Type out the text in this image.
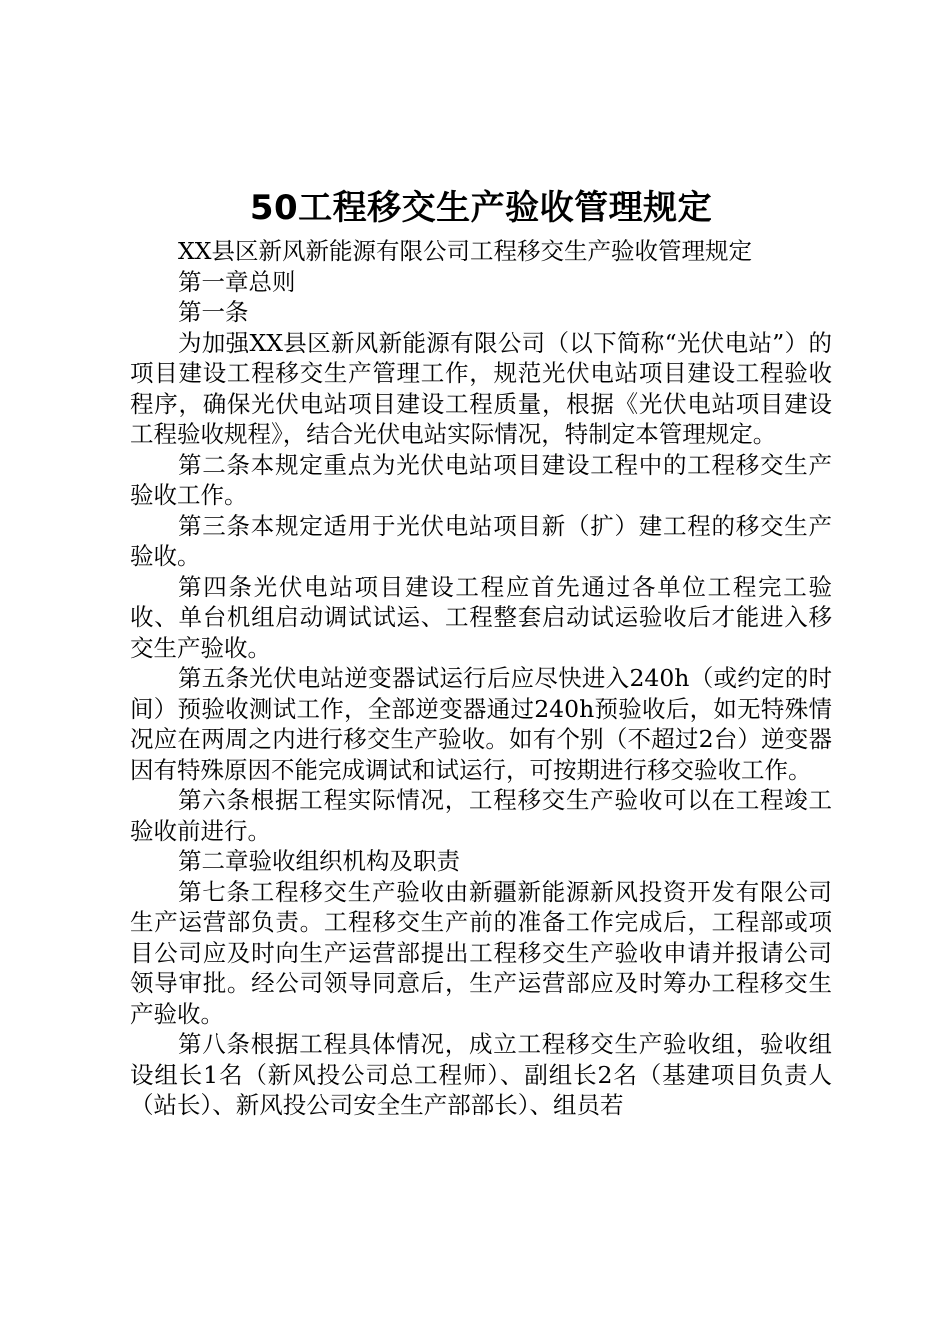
50工程移交生产验收管理规定

XX县区新风新能源有限公司工程移交生产验收管理规定

第一章总则

第一条

为加强XX县区新风新能源有限公司（以下简称“光伏电站”）的项目建设工程移交生产管理工作，规范光伏电站项目建设工程验收程序，确保光伏电站项目建设工程质量，根据《光伏电站项目建设工程验收规程》，结合光伏电站实际情况，特制定本管理规定。

第二条本规定重点为光伏电站项目建设工程中的工程移交生产验收工作。

第三条本规定适用于光伏电站项目新（扩）建工程的移交生产验收。

第四条光伏电站项目建设工程应首先通过各单位工程完工验收、单台机组启动调试试运、工程整套启动试运验收后才能进入移交生产验收。

第五条光伏电站逆变器试运行后应尽快进入240h（或约定的时间）预验收测试工作，全部逆变器通过240h预验收后，如无特殊情况应在两周之内进行移交生产验收。如有个别（不超过2台）逆变器因有特殊原因不能完成调试和试运行，可按期进行移交验收工作。

第六条根据工程实际情况，工程移交生产验收可以在工程竣工验收前进行。

第二章验收组织机构及职责

第七条工程移交生产验收由新疆新能源新风投资开发有限公司生产运营部负责。工程移交生产前的准备工作完成后，工程部或项目公司应及时向生产运营部提出工程移交生产验收申请并报请公司领导审批。经公司领导同意后，生产运营部应及时筹办工程移交生产验收。

第八条根据工程具体情况，成立工程移交生产验收组，验收组设组长1名（新风投公司总工程师）、副组长2名（基建项目负责人（站长）、新风投公司安全生产部部长）、组员若
